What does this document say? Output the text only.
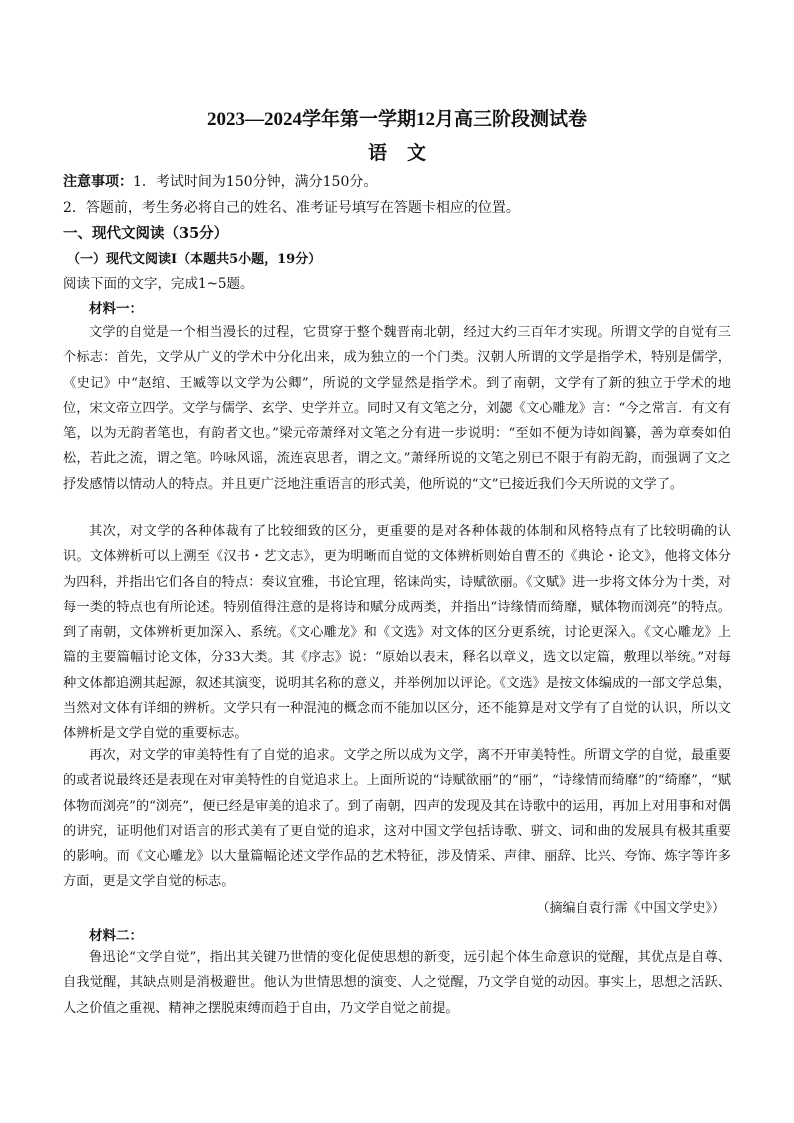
2023—2024学年第一学期12月高三阶段测试卷
语文
注意事项：1．考试时间为150分钟，满分150分。
2．答题前，考生务必将自己的姓名、准考证号填写在答题卡相应的位置。
一、现代文阅读（35分）
（一）现代文阅读Ⅰ（本题共5小题，19分）
阅读下面的文字，完成1~5题。
材料一：

文学的自觉是一个相当漫长的过程，它贯穿于整个魏晋南北朝，经过大约三百年才实现。所谓文学的自觉有三个标志：首先，文学从广义的学术中分化出来，成为独立的一个门类。汉朝人所谓的文学是指学术，特别是儒学，《史记》中“赵绾、王臧等以文学为公卿”，所说的文学显然是指学术。到了南朝，文学有了新的独立于学术的地位，宋文帝立四学。文学与儒学、玄学、史学并立。同时又有文笔之分，刘勰《文心雕龙》言：“今之常言．有文有笔，以为无韵者笔也，有韵者文也。”梁元帝萧绎对文笔之分有进一步说明：“至如不便为诗如阎纂，善为章奏如伯松，若此之流，谓之笔。吟咏风谣，流连哀思者，谓之文。”萧绎所说的文笔之别已不限于有韵无韵，而强调了文之抒发感情以情动人的特点。并且更广泛地注重语言的形式美，他所说的“文”已接近我们今天所说的文学了。

其次，对文学的各种体裁有了比较细致的区分，更重要的是对各种体裁的体制和风格特点有了比较明确的认识。文体辨析可以上溯至《汉书・艺文志》，更为明晰而自觉的文体辨析则始自曹丕的《典论・论文》，他将文体分为四科，并指出它们各自的特点：奏议宜雅，书论宜理，铭诔尚实，诗赋欲丽。《文赋》进一步将文体分为十类，对每一类的特点也有所论述。特别值得注意的是将诗和赋分成两类，并指出“诗缘情而绮靡，赋体物而浏亮”的特点。到了南朝，文体辨析更加深入、系统。《文心雕龙》和《文选》对文体的区分更系统，讨论更深入。《文心雕龙》上篇的主要篇幅讨论文体，分33大类。其《序志》说：“原始以表末，释名以章义，选文以定篇，敷理以举统。”对每种文体都追溯其起源，叙述其演变，说明其名称的意义，并举例加以评论。《文选》是按文体编成的一部文学总集，当然对文体有详细的辨析。文学只有一种混沌的概念而不能加以区分，还不能算是对文学有了自觉的认识，所以文体辨析是文学自觉的重要标志。

再次，对文学的审美特性有了自觉的追求。文学之所以成为文学，离不开审美特性。所谓文学的自觉，最重要的或者说最终还是表现在对审美特性的自觉追求上。上面所说的“诗赋欲丽”的“丽”，“诗缘情而绮靡”的“绮靡”，“赋体物而浏亮”的“浏亮”，便已经是审美的追求了。到了南朝，四声的发现及其在诗歌中的运用，再加上对用事和对偶的讲究，证明他们对语言的形式美有了更自觉的追求，这对中国文学包括诗歌、骈文、词和曲的发展具有极其重要的影响。而《文心雕龙》以大量篇幅论述文学作品的艺术特征，涉及情采、声律、丽辞、比兴、夸饰、炼字等许多方面，更是文学自觉的标志。

（摘编自袁行霈《中国文学史》）
材料二：

鲁迅论“文学自觉”，指出其关键乃世情的变化促使思想的新变，远引起个体生命意识的觉醒，其优点是自尊、自我觉醒，其缺点则是消极避世。他认为世情思想的演变、人之觉醒，乃文学自觉的动因。事实上，思想之活跃、人之价值之重视、精神之摆脱束缚而趋于自由，乃文学自觉之前提。
